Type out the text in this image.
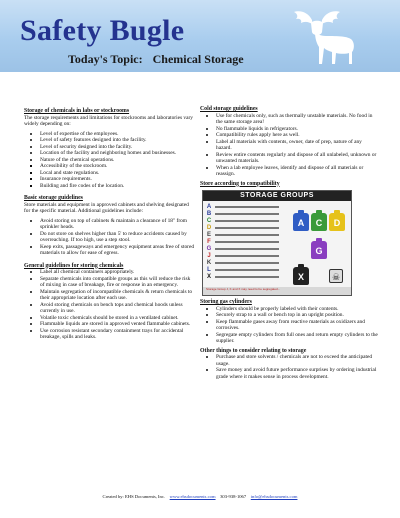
Safety Bugle
Today's Topic: Chemical Storage
Storage of chemicals in labs or stockrooms
The storage requirements and limitations for stockrooms and laboratories vary widely depending on:
Level of expertise of the employees.
Level of safety features designed into the facility.
Level of security designed into the facility.
Location of the facility and neighboring homes and businesses.
Nature of the chemical operations.
Accessibility of the stockroom.
Local and state regulations.
Insurance requirements.
Building and fire codes of the location.
Basic storage guidelines
Store materials and equipment in approved cabinets and shelving designated for the specific material. Additional guidelines include:
Avoid storing on top of cabinets & maintain a clearance of 18" from sprinkler heads.
Do not store on shelves higher than 5' to reduce accidents caused by overreaching. If too high, use a step stool.
Keep exits, passageways and emergency equipment areas free of stored materials to allow for ease of egress.
General guidelines for storing chemicals
Label all chemical containers appropriately.
Separate chemicals into compatible groups as this will reduce the risk of mixing in case of breakage, fire or response in an emergency.
Maintain segregation of incompatible chemicals & return chemicals to their appropriate location after each use.
Avoid storing chemicals on bench tops and chemical hoods unless currently in use.
Volatile toxic chemicals should be stored in a ventilated cabinet.
Flammable liquids are stored in approved vented flammable cabinets.
Use corrosion resistant secondary containment trays for accidental breakage, spills and leaks.
Cold storage guidelines
Use for chemicals only, such as thermally unstable materials. No food in the same storage area!
No flammable liquids in refrigerators.
Compatibility rules apply here as well.
Label all materials with contents, owner, date of prep, nature of any hazard.
Review entire contents regularly and dispose of all unlabeled, unknown or unwanted materials.
When a lab employee leaves, identify and dispose of all materials or reassign.
Store according to compatibility
STORAGE GROUPS
A
B
C
D
E
F
G
J
K
L
X
A	C	D
G
X	☠
Storage Group J, K and X may need to be segregated...
Storing gas cylinders
Cylinders should be properly labeled with their contents.
Securely strap to a wall or bench top in an upright position.
Keep flammable gases away from reactive materials as oxidizers and corrosives.
Segregate empty cylinders from full ones and return empty cylinders to the supplier.
Other things to consider relating to storage
Purchase and store solvents / chemicals are not to exceed the anticipated usage.
Save money and avoid future performance surprises by ordering industrial grade where it makes sense in process development.
Created by: EHS Documents, Inc. www.ehsdocuments.com 303-938-1067 info@ehsdocuments.com
